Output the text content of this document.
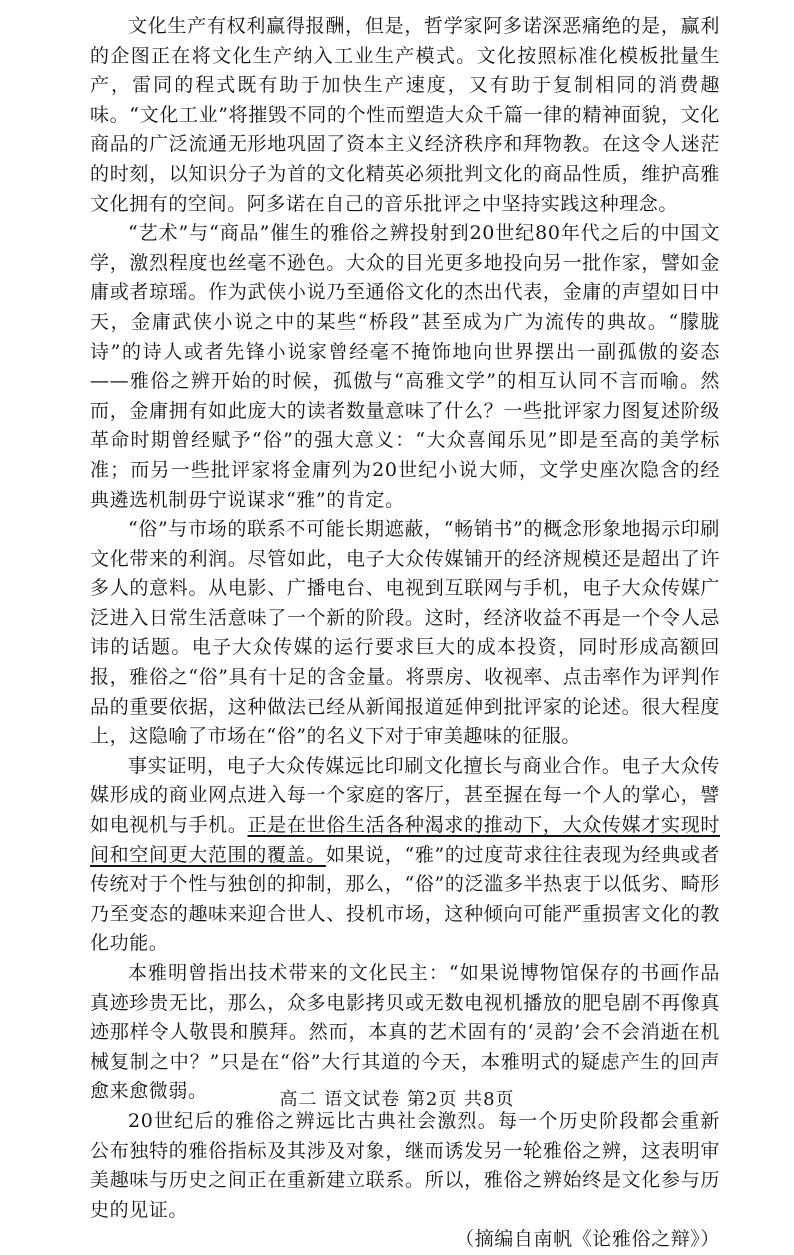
文化生产有权利赢得报酬，但是，哲学家阿多诺深恶痛绝的是，赢利的企图正在将文化生产纳入工业生产模式。文化按照标准化模板批量生产，雷同的程式既有助于加快生产速度，又有助于复制相同的消费趣味。“文化工业”将摧毁不同的个性而塑造大众千篇一律的精神面貌，文化商品的广泛流通无形地巩固了资本主义经济秩序和拜物教。在这令人迷茫的时刻，以知识分子为首的文化精英必须批判文化的商品性质，维护高雅文化拥有的空间。阿多诺在自己的音乐批评之中坚持实践这种理念。

“艺术”与“商品”催生的雅俗之辨投射到20世纪80年代之后的中国文学，激烈程度也丝毫不逊色。大众的目光更多地投向另一批作家，譬如金庸或者琼瑶。作为武侠小说乃至通俗文化的杰出代表，金庸的声望如日中天，金庸武侠小说之中的某些“桥段”甚至成为广为流传的典故。“朦胧诗”的诗人或者先锋小说家曾经毫不掩饰地向世界摆出一副孤傲的姿态——雅俗之辨开始的时候，孤傲与“高雅文学”的相互认同不言而喻。然而，金庸拥有如此庞大的读者数量意味了什么？一些批评家力图复述阶级革命时期曾经赋予“俗”的强大意义：“大众喜闻乐见”即是至高的美学标准；而另一些批评家将金庸列为20世纪小说大师，文学史座次隐含的经典遴选机制毋宁说谋求“雅”的肯定。

“俗”与市场的联系不可能长期遮蔽，“畅销书”的概念形象地揭示印刷文化带来的利润。尽管如此，电子大众传媒铺开的经济规模还是超出了许多人的意料。从电影、广播电台、电视到互联网与手机，电子大众传媒广泛进入日常生活意味了一个新的阶段。这时，经济收益不再是一个令人忌讳的话题。电子大众传媒的运行要求巨大的成本投资，同时形成高额回报，雅俗之“俗”具有十足的含金量。将票房、收视率、点击率作为评判作品的重要依据，这种做法已经从新闻报道延伸到批评家的论述。很大程度上，这隐喻了市场在“俗”的名义下对于审美趣味的征服。

事实证明，电子大众传媒远比印刷文化擅长与商业合作。电子大众传媒形成的商业网点进入每一个家庭的客厅，甚至握在每一个人的掌心，譬如电视机与手机。正是在世俗生活各种渴求的推动下，大众传媒才实现时间和空间更大范围的覆盖。如果说，“雅”的过度苛求往往表现为经典或者传统对于个性与独创的抑制，那么，“俗”的泛滥多半热衷于以低劣、畸形乃至变态的趣味来迎合世人、投机市场，这种倾向可能严重损害文化的教化功能。

本雅明曾指出技术带来的文化民主：“如果说博物馆保存的书画作品真迹珍贵无比，那么，众多电影拷贝或无数电视机播放的肥皂剧不再像真迹那样令人敬畏和膜拜。然而，本真的艺术固有的‘灵韵’会不会消逝在机械复制之中？”只是在“俗”大行其道的今天，本雅明式的疑虑产生的回声愈来愈微弱。

20世纪后的雅俗之辨远比古典社会激烈。每一个历史阶段都会重新公布独特的雅俗指标及其涉及对象，继而诱发另一轮雅俗之辨，这表明审美趣味与历史之间正在重新建立联系。所以，雅俗之辨始终是文化参与历史的见证。

（摘编自南帆《论雅俗之辩》）

高二 语文试卷 第2页 共8页
